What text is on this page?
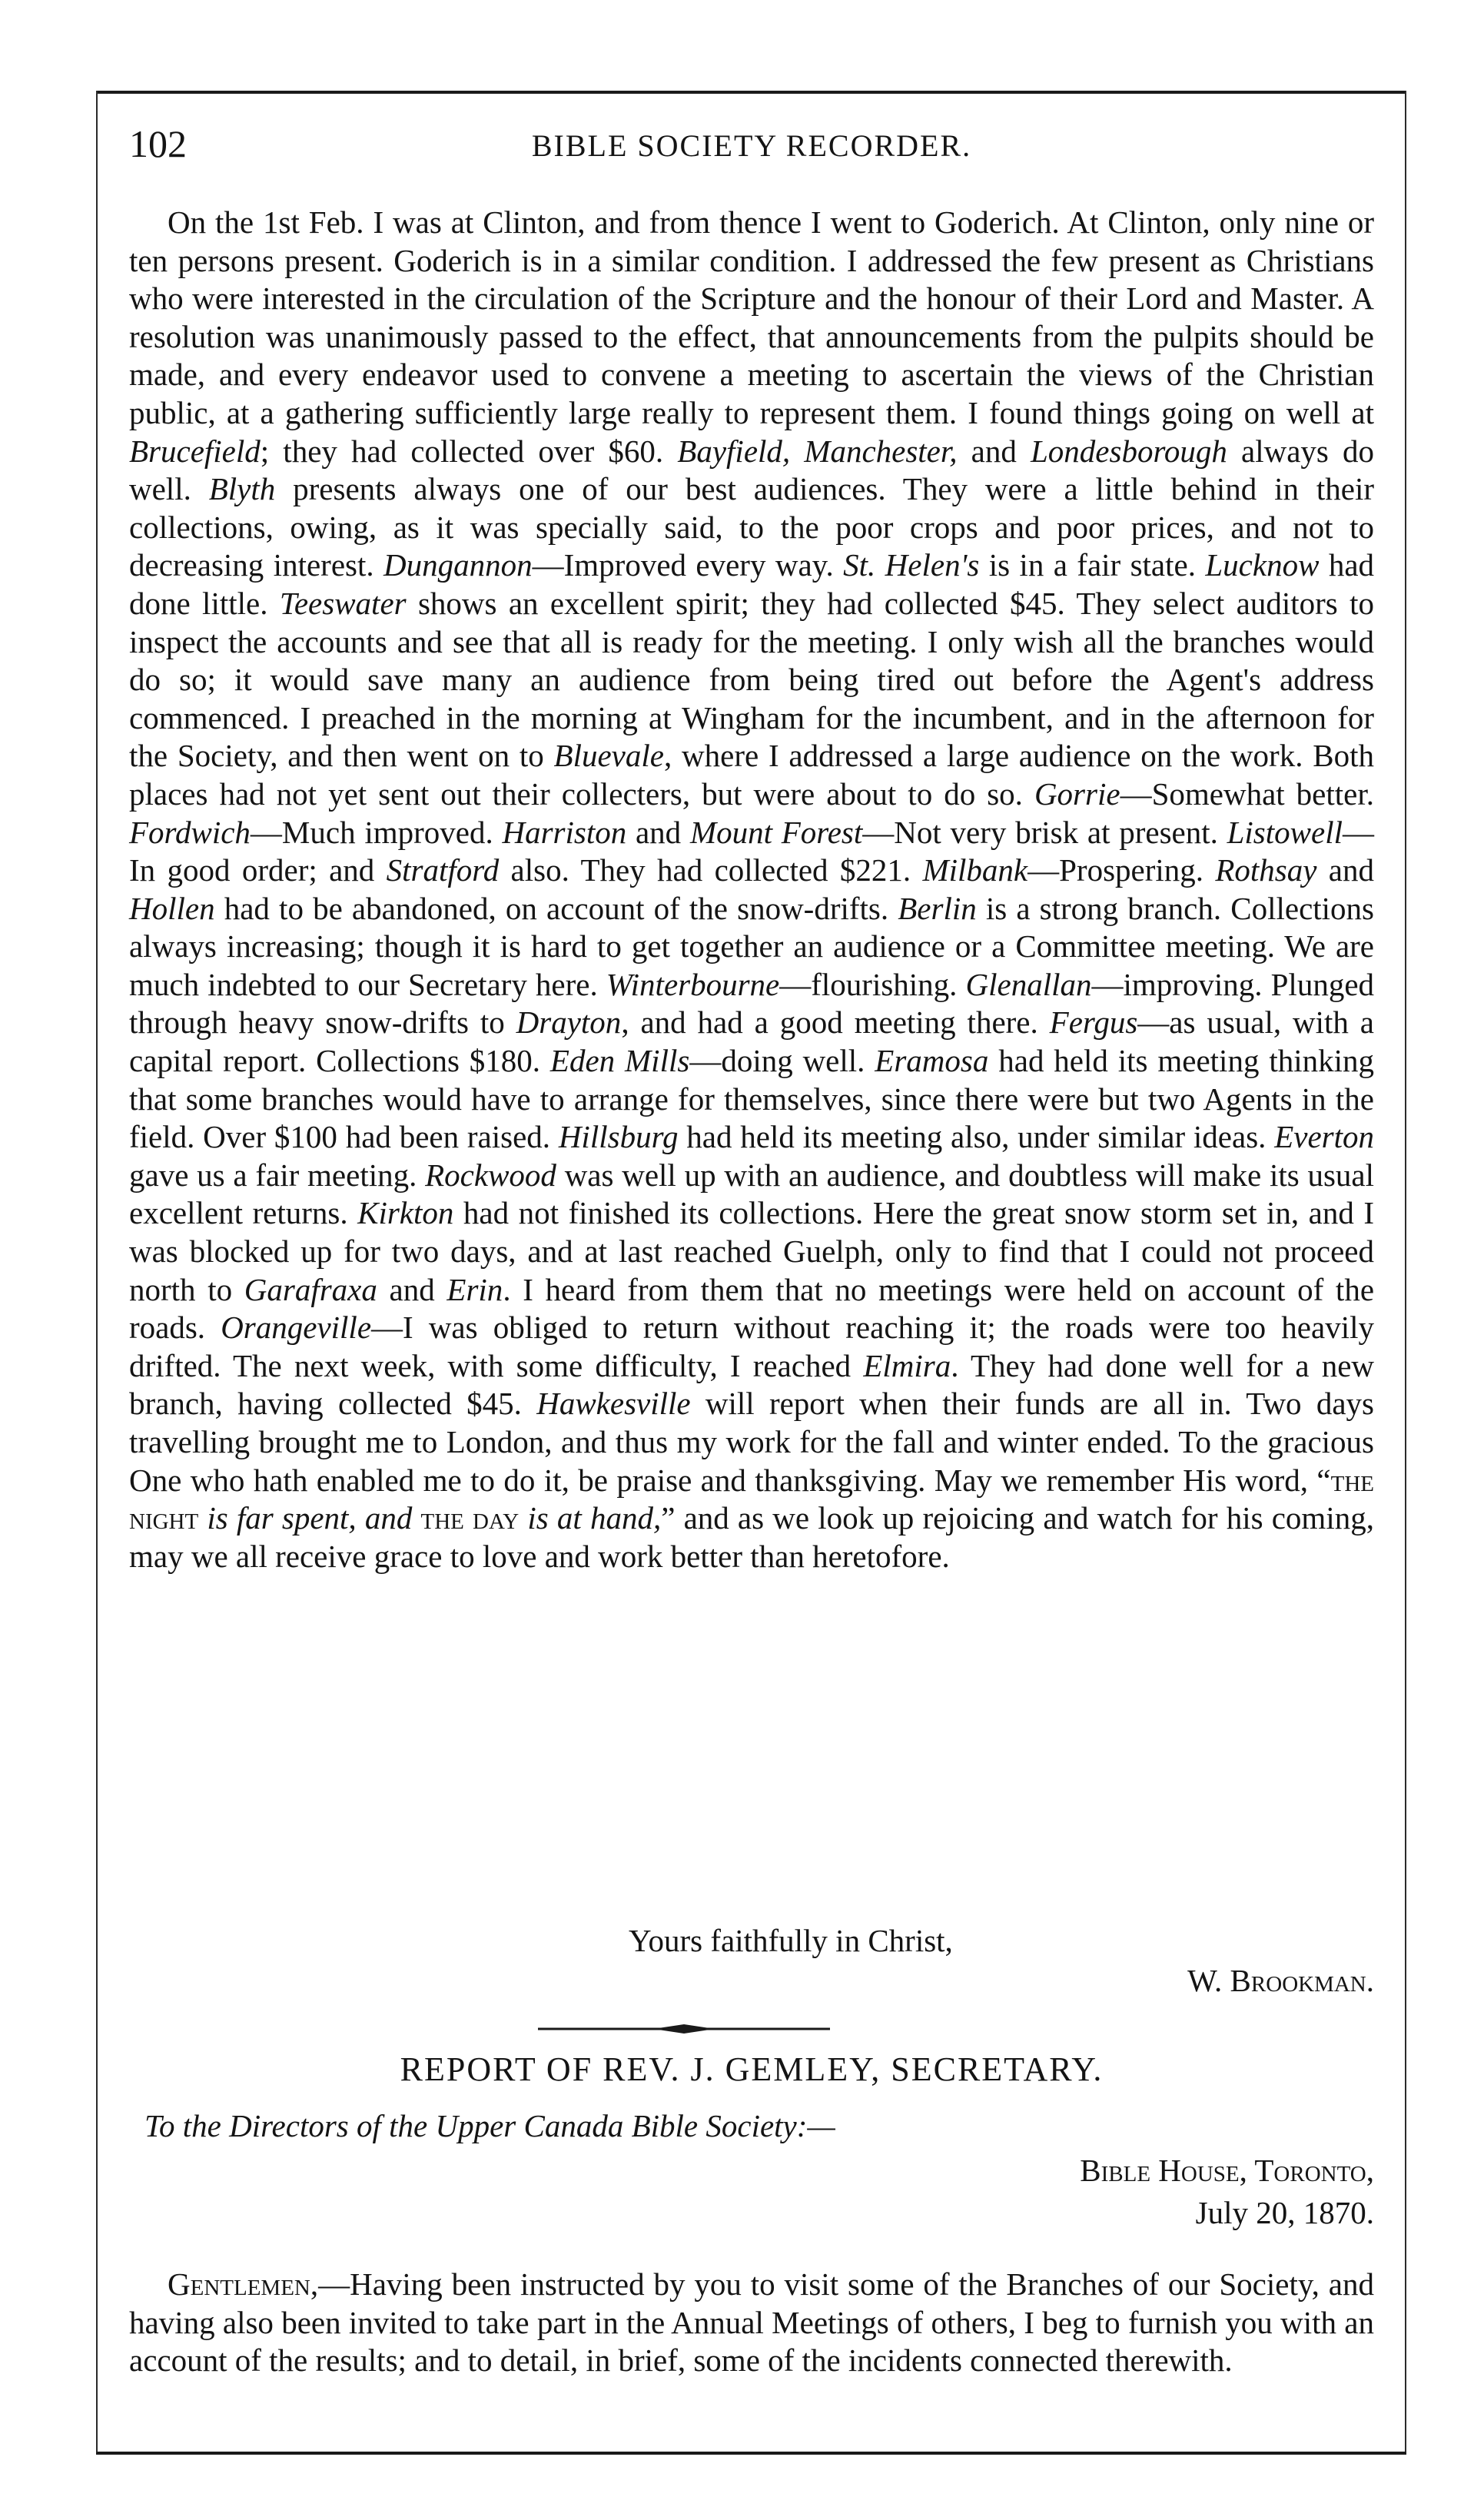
102	BIBLE SOCIETY RECORDER.

On the 1st Feb. I was at Clinton, and from thence I went to Goderich. At Clinton, only nine or ten persons present. Goderich is in a similar condition. I addressed the few present as Christians who were interested in the circulation of the Scripture and the honour of their Lord and Master. A resolution was unanimously passed to the effect, that announcements from the pulpits should be made, and every endeavor used to convene a meeting to ascertain the views of the Christian public, at a gathering sufficiently large really to represent them. I found things going on well at Brucefield; they had collected over $60. Bayfield, Manchester, and Londesborough always do well. Blyth presents always one of our best audiences. They were a little behind in their collections, owing, as it was specially said, to the poor crops and poor prices, and not to decreasing interest. Dungannon—Improved every way. St. Helen's is in a fair state. Lucknow had done little. Teeswater shows an excellent spirit; they had collected $45. They select auditors to inspect the accounts and see that all is ready for the meeting. I only wish all the branches would do so; it would save many an audience from being tired out before the Agent's address commenced. I preached in the morning at Wingham for the incumbent, and in the afternoon for the Society, and then went on to Bluevale, where I addressed a large audience on the work. Both places had not yet sent out their collecters, but were about to do so. Gorrie—Somewhat better. Fordwich—Much improved. Harriston and Mount Forest—Not very brisk at present. Listowell—In good order; and Stratford also. They had collected $221. Milbank—Prospering. Rothsay and Hollen had to be abandoned, on account of the snow-drifts. Berlin is a strong branch. Collections always increasing; though it is hard to get together an audience or a Committee meeting. We are much indebted to our Secretary here. Winterbourne—flourishing. Glenallan—improving. Plunged through heavy snow-drifts to Drayton, and had a good meeting there. Fergus—as usual, with a capital report. Collections $180. Eden Mills—doing well. Eramosa had held its meeting thinking that some branches would have to arrange for themselves, since there were but two Agents in the field. Over $100 had been raised. Hillsburg had held its meeting also, under similar ideas. Everton gave us a fair meeting. Rockwood was well up with an audience, and doubtless will make its usual excellent returns. Kirkton had not finished its collections. Here the great snow storm set in, and I was blocked up for two days, and at last reached Guelph, only to find that I could not proceed north to Garafraxa and Erin. I heard from them that no meetings were held on account of the roads. Orangeville—I was obliged to return without reaching it; the roads were too heavily drifted. The next week, with some difficulty, I reached Elmira. They had done well for a new branch, having collected $45. Hawkesville will report when their funds are all in. Two days travelling brought me to London, and thus my work for the fall and winter ended. To the gracious One who hath enabled me to do it, be praise and thanksgiving. May we remember His word, “the night is far spent, and the day is at hand,” and as we look up rejoicing and watch for his coming, may we all receive grace to love and work better than heretofore.

Yours faithfully in Christ,
W. Brookman.
REPORT OF REV. J. GEMLEY, SECRETARY.
To the Directors of the Upper Canada Bible Society:—
Bible House, Toronto,
July 20, 1870.

Gentlemen,—Having been instructed by you to visit some of the Branches of our Society, and having also been invited to take part in the Annual Meetings of others, I beg to furnish you with an account of the results; and to detail, in brief, some of the incidents connected therewith.
